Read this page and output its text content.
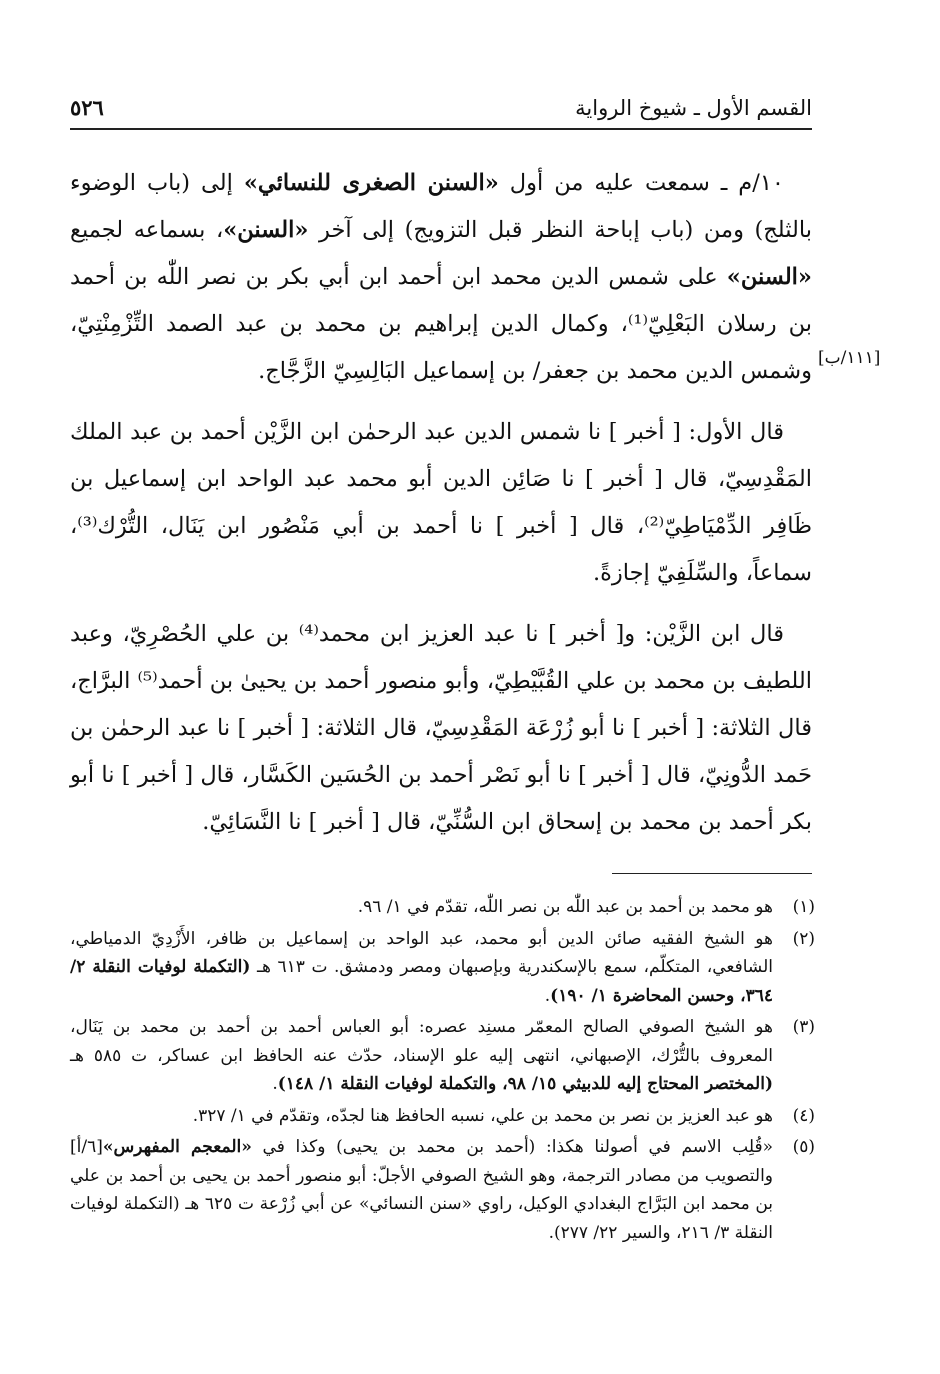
القسم الأول ـ شيوخ الرواية
٥٢٦
[١١١/ب]

١٠/م ـ سمعت عليه من أول «السنن الصغرى للنسائي» إلى (باب الوضوء بالثلج) ومن (باب إباحة النظر قبل التزويج) إلى آخر «السنن»، بسماعه لجميع «السنن» على شمس الدين محمد ابن أحمد ابن أبي بكر بن نصر اللّٰه بن أحمد بن رسلان البَعْلِيّ⁽¹⁾، وكمال الدين إبراهيم بن محمد بن عبد الصمد التِّزْمِنْتِيّ، وشمس الدين محمد بن جعفر/ بن إسماعيل البَالِسِيّ الزَّجَّاج.

قال الأول: [ أخبر ] نا شمس الدين عبد الرحمٰن ابن الزَّيْن أحمد بن عبد الملك المَقْدِسِيّ، قال [ أخبر ] نا صَائِن الدين أبو محمد عبد الواحد ابن إسماعيل بن ظَافِر الدِّمْيَاطِيّ⁽²⁾، قال [ أخبر ] نا أحمد بن أبي مَنْصُور ابن يَنَال، التُّرْك⁽³⁾، سماعاً، والسِّلَفِيّ إجازةً.

قال ابن الزَّيْن: و[ أخبر ] نا عبد العزيز ابن محمد⁽⁴⁾ بن علي الحُصْرِيّ، وعبد اللطيف بن محمد بن علي القُبَّيْطِيّ، وأبو منصور أحمد بن يحيىٰ بن أحمد⁽⁵⁾ البرَّاج، قال الثلاثة: [ أخبر ] نا أبو زُرْعَة المَقْدِسِيّ، قال الثلاثة: [ أخبر ] نا عبد الرحمٰن بن حَمد الدُّونِيّ، قال [ أخبر ] نا أبو نَصْر أحمد بن الحُسَين الكَسَّار، قال [ أخبر ] نا أبو بكر أحمد بن محمد بن إسحاق ابن السُّنِّيّ، قال [ أخبر ] نا النَّسَائِيّ.

(١)
هو محمد بن أحمد بن عبد اللّٰه بن نصر اللّٰه، تقدّم في ١/ ٩٦.
(٢)
هو الشيخ الفقيه صائن الدين أبو محمد، عبد الواحد بن إسماعيل بن ظافر، الأَزْدِيّ الدمياطي، الشافعي، المتكلّم، سمع بالإسكندرية وبإصبهان ومصر ودمشق. ت ٦١٣ هـ (التكملة لوفيات النقلة ٢/ ٣٦٤، وحسن المحاضرة ١/ ١٩٠).
(٣)
هو الشيخ الصوفي الصالح المعمّر مسنِد عصره: أبو العباس أحمد بن أحمد بن محمد بن يَنَال، المعروف بالتُّرْك، الإصبهاني، انتهى إليه علو الإسناد، حدّث عنه الحافظ ابن عساكر، ت ٥٨٥ هـ (المختصر المحتاج إليه للدبيثي ١٥/ ٩٨، والتكملة لوفيات النقلة ١/ ١٤٨).
(٤)
هو عبد العزيز بن نصر بن محمد بن علي، نسبه الحافظ هنا لجدّه، وتقدّم في ١/ ٣٢٧.
(٥)
«قُلِب الاسم في أصولنا هكذا: (أحمد بن محمد بن يحيى) وكذا في «المعجم المفهرس»[٦/أ] والتصويب من مصادر الترجمة، وهو الشيخ الصوفي الأجلّ: أبو منصور أحمد بن يحيى بن أحمد بن علي بن محمد ابن البَرَّاج البغدادي الوكيل، راوي «سنن النسائي» عن أبي زُرْعة ت ٦٢٥ هـ (التكملة لوفيات النقلة ٣/ ٢١٦، والسير ٢٢/ ٢٧٧).
